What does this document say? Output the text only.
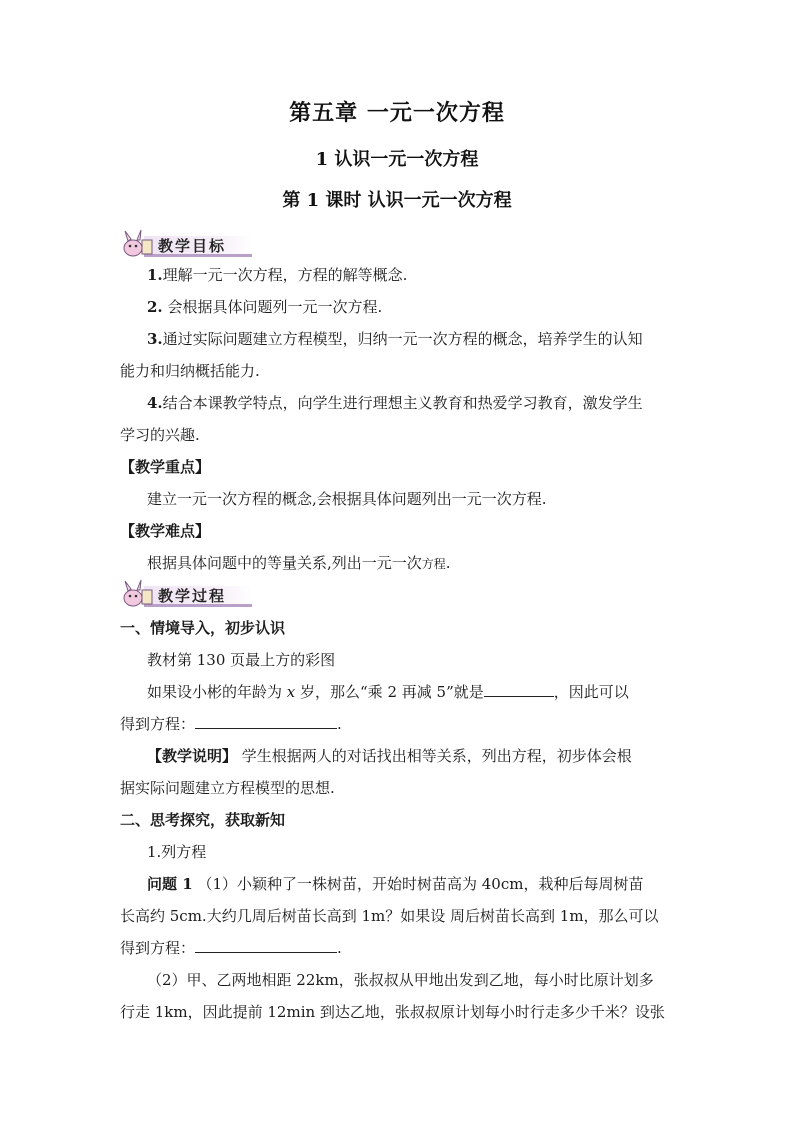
第五章 一元一次方程
1 认识一元一次方程
第 1 课时 认识一元一次方程
教学目标
1.理解一元一次方程，方程的解等概念.
2. 会根据具体问题列一元一次方程.
3.通过实际问题建立方程模型，归纳一元一次方程的概念，培养学生的认知
能力和归纳概括能力.
4.结合本课教学特点，向学生进行理想主义教育和热爱学习教育，激发学生
学习的兴趣.
【教学重点】
建立一元一次方程的概念,会根据具体问题列出一元一次方程.
【教学难点】
根据具体问题中的等量关系,列出一元一次方程.
教学过程
一、情境导入，初步认识
教材第 130 页最上方的彩图
如果设小彬的年龄为 x 岁，那么“乘 2 再减 5”就是	，因此可以
得到方程：	.
【教学说明】 学生根据两人的对话找出相等关系，列出方程，初步体会根
据实际问题建立方程模型的思想.
二、思考探究，获取新知
1.列方程
问题 1 （1）小颖种了一株树苗，开始时树苗高为 40cm，栽种后每周树苗
长高约 5cm.大约几周后树苗长高到 1m？如果设 周后树苗长高到 1m，那么可以
得到方程：	.
（2）甲、乙两地相距 22km，张叔叔从甲地出发到乙地，每小时比原计划多
行走 1km，因此提前 12min 到达乙地，张叔叔原计划每小时行走多少千米？设张
